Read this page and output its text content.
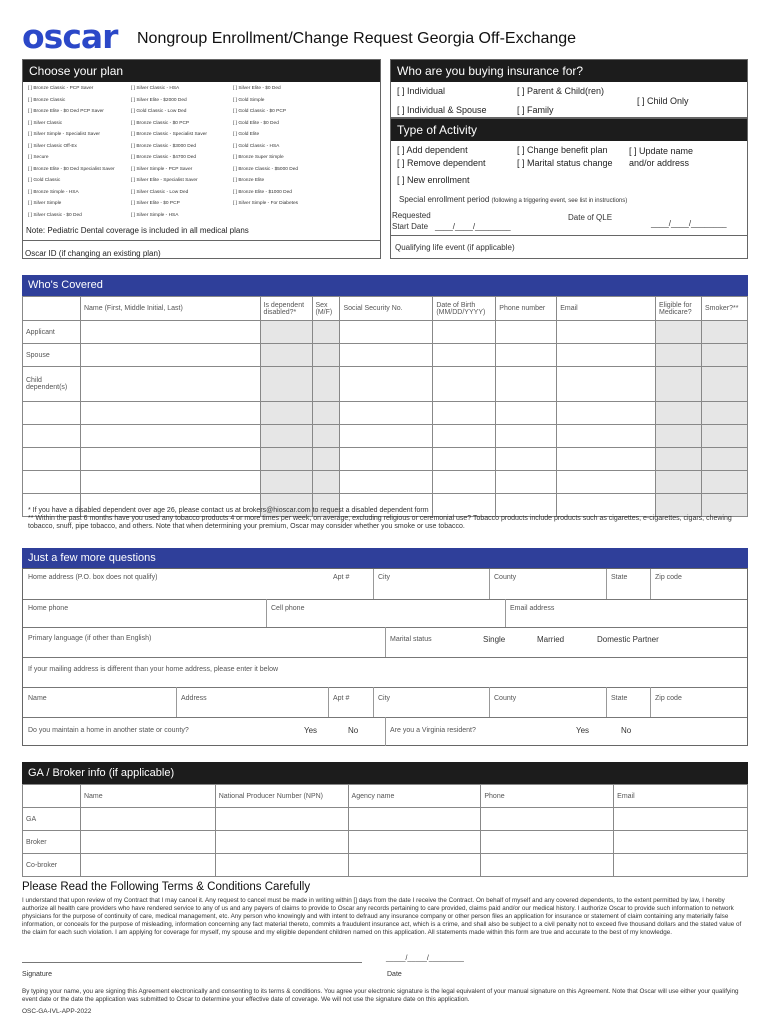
oscar Nongroup Enrollment/Change Request Georgia Off-Exchange
Choose your plan
[ ] Bronze Classic - PCP Saver
[ ] Bronze Classic
[ ] Bronze Elite - $0 Ded PCP Saver
[ ] Silver Classic
[ ] Silver Simple - Specialist Saver
[ ] Silver Classic Off-Ex
[ ] Secure
[ ] Bronze Elite - $0 Ded Specialist Saver
[ ] Gold Classic
[ ] Bronze Simple - HSA
[ ] Silver Simple
[ ] Silver Classic - $0 Ded
[ ] Silver Classic - HSA
[ ] Silver Elite - $2000 Ded
[ ] Gold Classic - Low Ded
[ ] Bronze Classic - $0 PCP
[ ] Bronze Classic - Specialist Saver
[ ] Bronze Classic - $3000 Ded
[ ] Bronze Classic - $4700 Ded
[ ] Silver Simple - PCP Saver
[ ] Silver Elite - Specialist Saver
[ ] Silver Classic - Low Ded
[ ] Silver Elite - $0 PCP
[ ] Silver Simple - HSA
[ ] Silver Elite - $0 Ded
[ ] Gold Simple
[ ] Gold Classic - $0 PCP
[ ] Gold Elite - $0 Ded
[ ] Gold Elite
[ ] Gold Classic - HSA
[ ] Bronze Super Simple
[ ] Bronze Classic - $5000 Ded
[ ] Bronze Elite
[ ] Bronze Elite - $1000 Ded
[ ] Silver Simple - For Diabetes
Note: Pediatric Dental coverage is included in all medical plans
Oscar ID (if changing an existing plan)
Who are you buying insurance for?
[ ] Individual	[ ] Parent & Child(ren)
[ ] Child Only
[ ] Individual & Spouse	[ ] Family
Type of Activity
[ ] Add dependent
[ ] Remove dependent
[ ] New enrollment
[ ] Change benefit plan
[ ] Marital status change
[ ] Update name
and/or address
Special enrollment period (following a triggering event, see list in instructions)
Requested
Start Date ____/____/________
Date of QLE
____/____/________
Qualifying life event (if applicable)
Who's Covered
	Name (First, Middle Initial, Last)	Is dependent disabled?*	Sex (M/F)	Social Security No.	Date of Birth (MM/DD/YYYY)	Phone number	Email	Eligible for Medicare?	Smoker?**
Applicant									
Spouse									
Child dependent(s)									

* If you have a disabled dependent over age 26, please contact us at brokers@hioscar.com to request a disabled dependent form
** Within the past 6 months have you used any tobacco products 4 or more times per week, on average, excluding religious or ceremonial use? Tobacco products include products such as cigarettes, e-cigarettes, cigars, chewing tobacco, snuff, pipe tobacco, and others. Note that when determining your premium, Oscar may consider whether you smoke or use tobacco.
Just a few more questions
Home address (P.O. box does not qualify)	Apt #	City	County	State	Zip code
Home phone	Cell phone	Email address
Primary language (if other than English)	Marital status	Single	Married	Domestic Partner
If your mailing address is different than your home address, please enter it below
Name	Address	Apt #	City	County	State	Zip code
Do you maintain a home in another state or county?	Yes	No	Are you a Virginia resident?	Yes	No
GA / Broker info (if applicable)
	Name	National Producer Number (NPN)	Agency name	Phone	Email
GA					
Broker					
Co-broker					
Please Read the Following Terms & Conditions Carefully
I understand that upon review of my Contract that I may cancel it. Any request to cancel must be made in writing within [] days from the date I receive the Contract. On behalf of myself and any covered dependents, to the extent permitted by law, I hereby authorize all health care providers who have rendered service to any of us and any payers of claims to provide to Oscar any records pertaining to care provided, claims paid and/or our medical history. I authorize Oscar to provide such information to network physicians for the purpose of continuity of care, medical management, etc. Any person who knowingly and with intent to defraud any insurance company or other person files an application for insurance or statement of claim containing any materially false information, or conceals for the purpose of misleading, information concerning any fact material thereto, commits a fraudulent insurance act, which is a crime, and shall also be subject to a civil penalty not to exceed five thousand dollars and the stated value of the claim for each such violation. I am applying for coverage for myself, my spouse and my eligible dependent children named on this application. All statements made within this form are true and accurate to the best of my knowledge.
_____/_____/_________
Signature	Date
By typing your name, you are signing this Agreement electronically and consenting to its terms & conditions. You agree your electronic signature is the legal equivalent of your manual signature on this Agreement. Note that Oscar will use either your qualifying event date or the date the application was submitted to Oscar to determine your effective date of coverage. We will not use the signature date on this application.
OSC-GA-IVL-APP-2022
